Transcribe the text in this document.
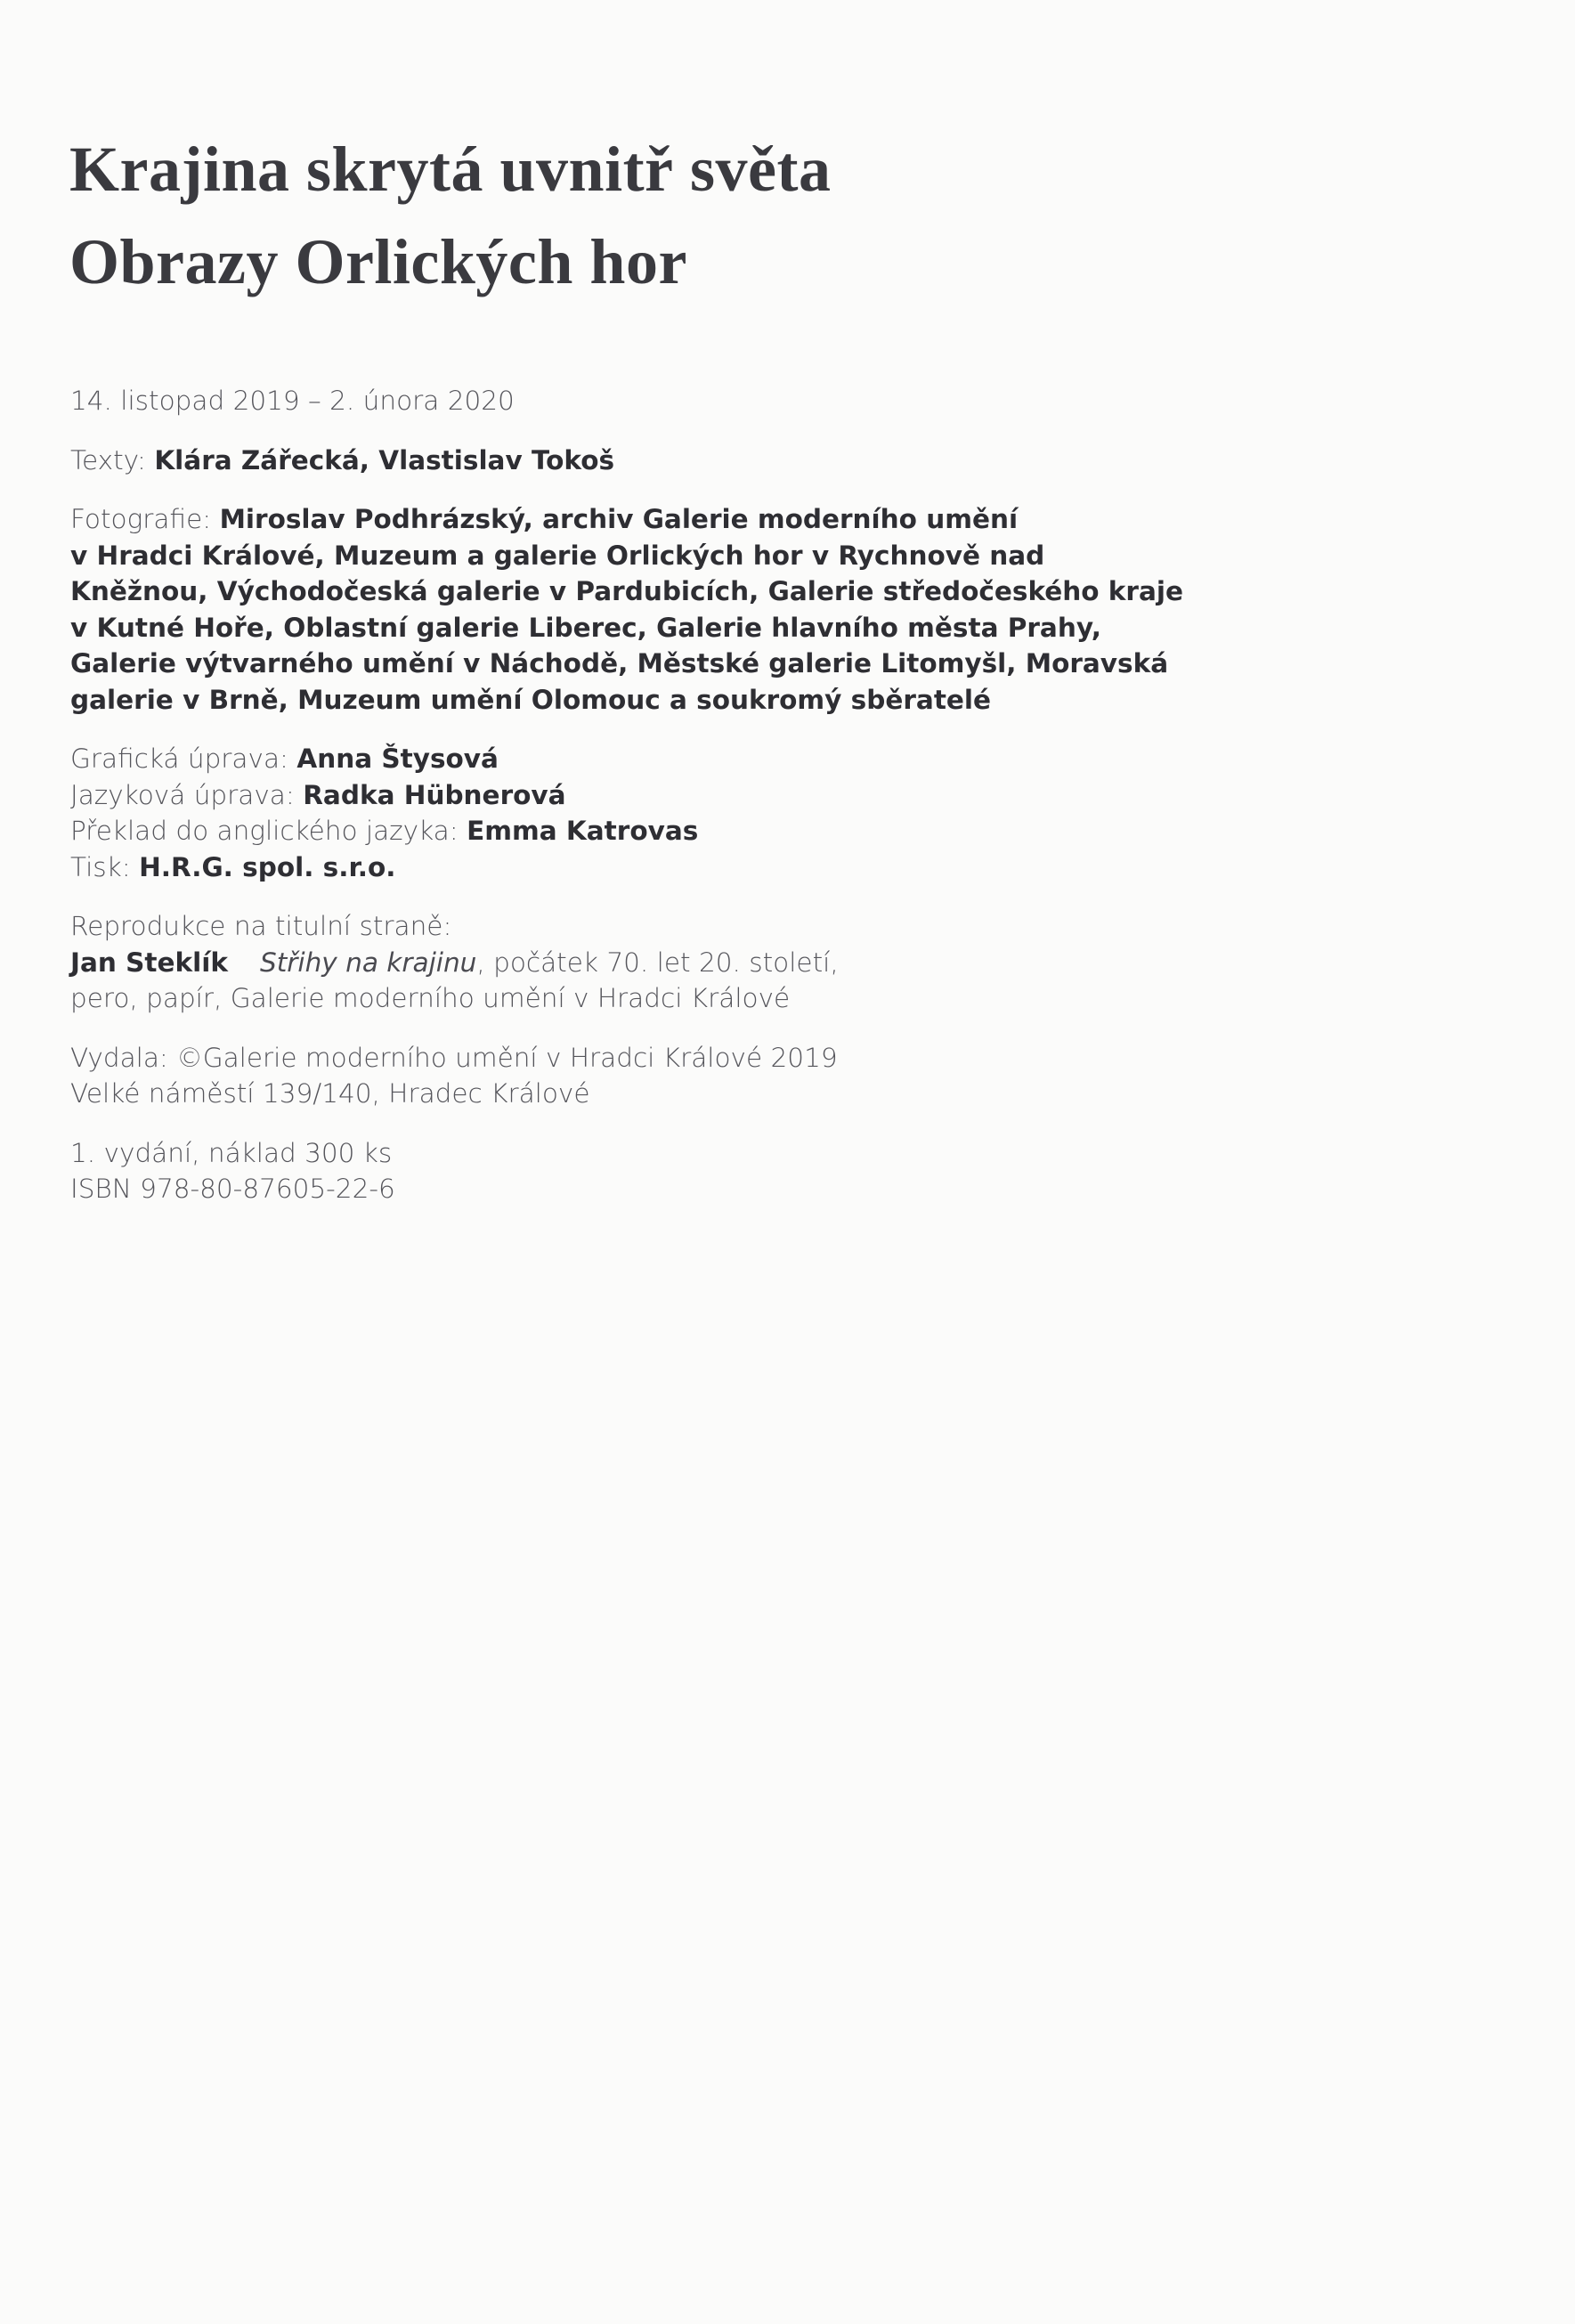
Krajina skrytá uvnitř světa
Obrazy Orlických hor

14. listopad 2019 – 2. února 2020

Texty: Klára Zářecká, Vlastislav Tokoš

Fotografie: Miroslav Podhrázský, archiv Galerie moderního umění
v Hradci Králové, Muzeum a galerie Orlických hor v Rychnově nad
Kněžnou, Východočeská galerie v Pardubicích, Galerie středočeského kraje
v Kutné Hoře, Oblastní galerie Liberec, Galerie hlavního města Prahy,
Galerie výtvarného umění v Náchodě, Městské galerie Litomyšl, Moravská
galerie v Brně, Muzeum umění Olomouc a soukromý sběratelé

Grafická úprava: Anna Štysová
Jazyková úprava: Radka Hübnerová
Překlad do anglického jazyka: Emma Katrovas
Tisk: H.R.G. spol. s.r.o.

Reprodukce na titulní straně:
Jan Steklík Střihy na krajinu, počátek 70. let 20. století,
pero, papír, Galerie moderního umění v Hradci Králové

Vydala: ©Galerie moderního umění v Hradci Králové 2019
Velké náměstí 139/140, Hradec Králové

1. vydání, náklad 300 ks
ISBN 978-80-87605-22-6
